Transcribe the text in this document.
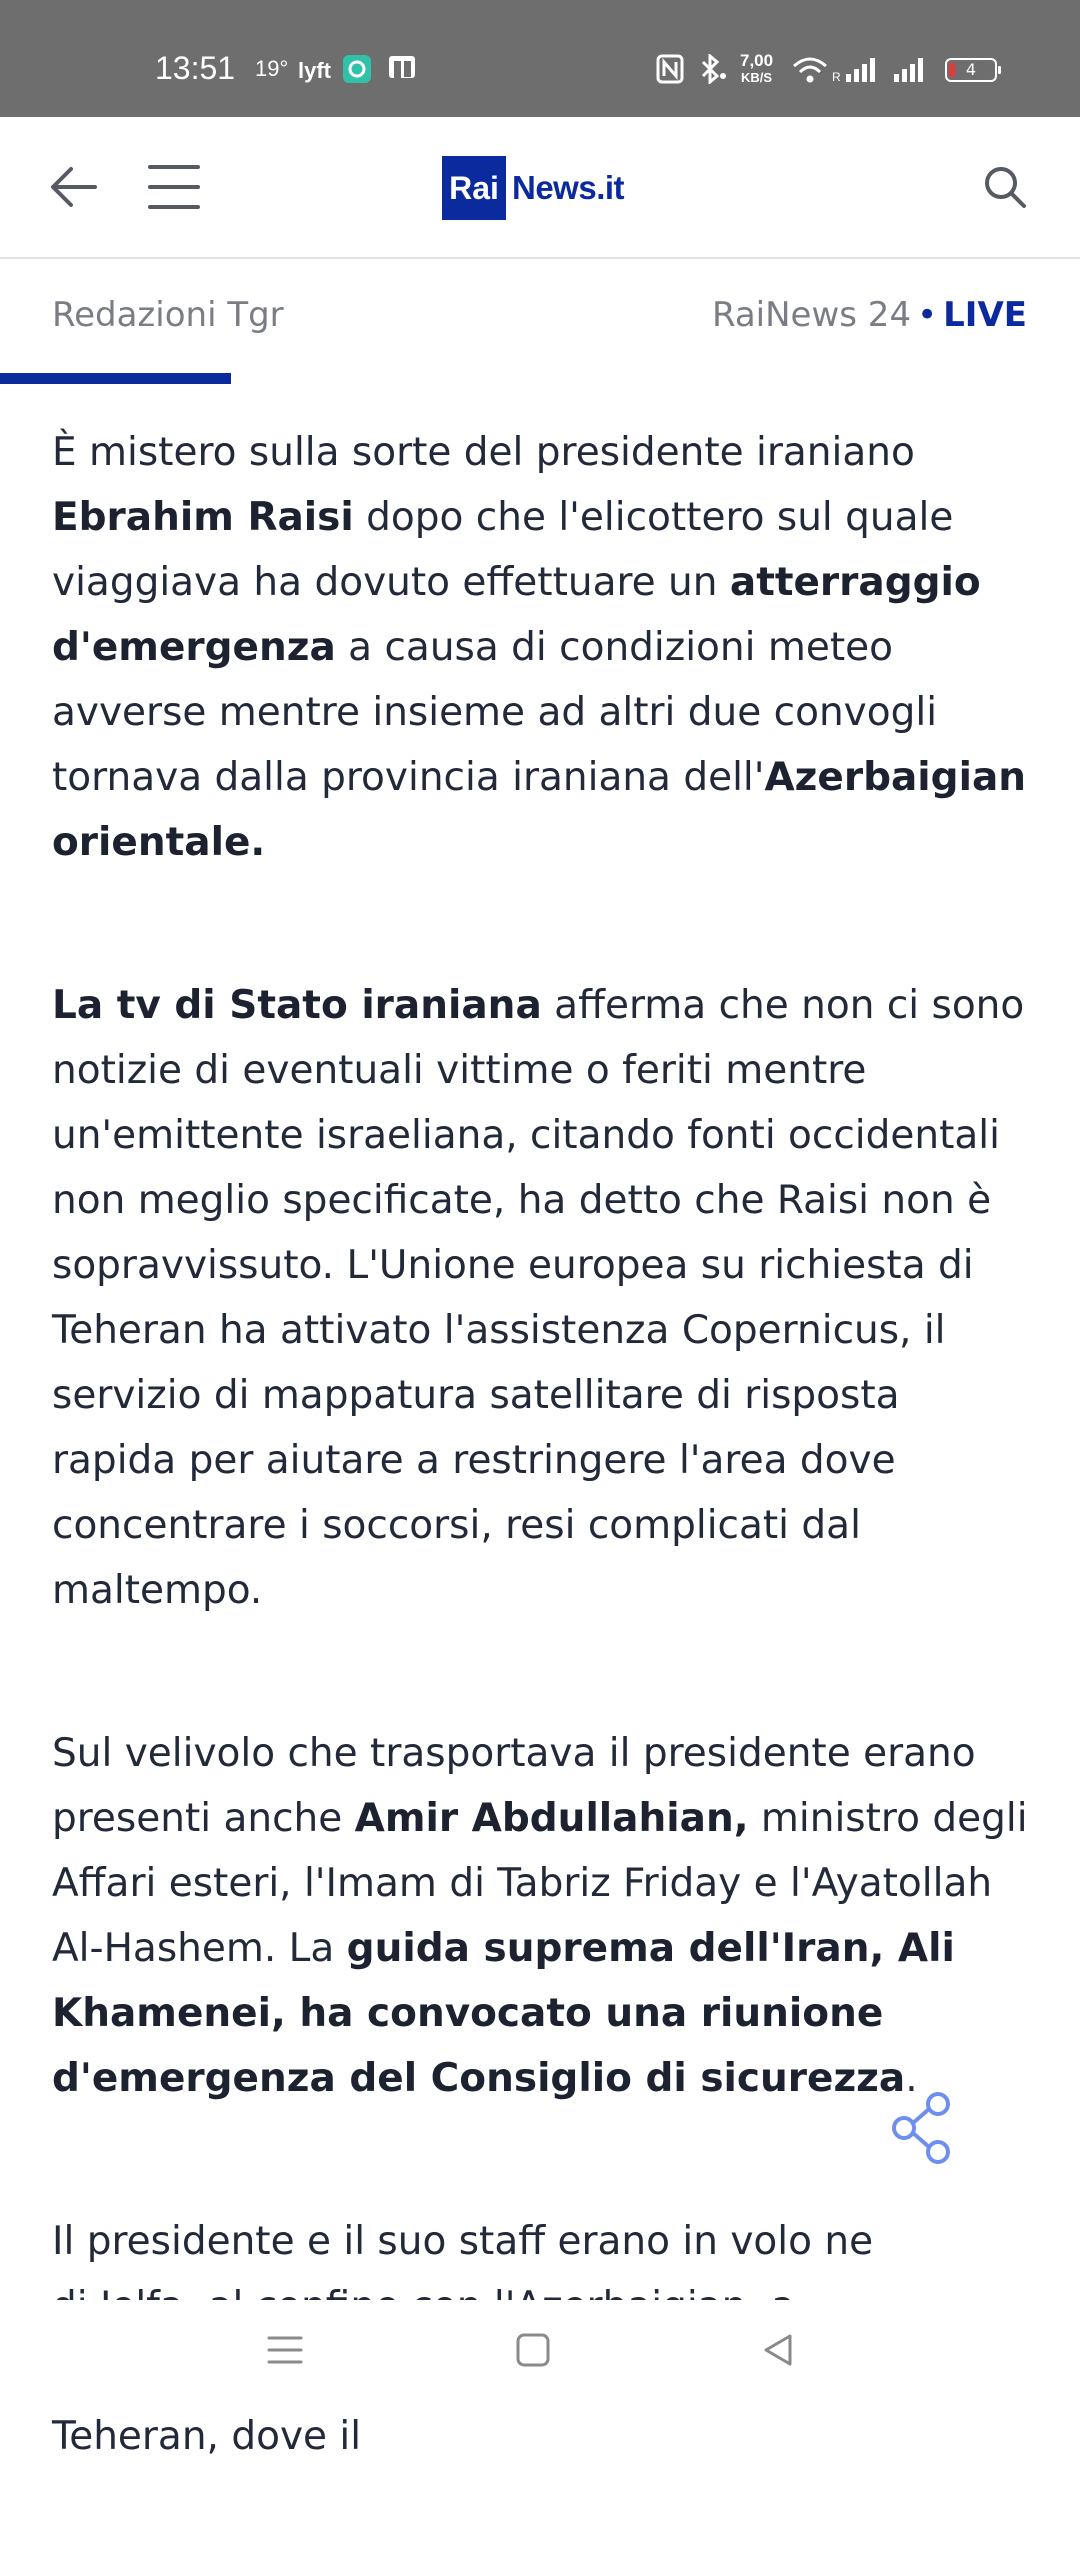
13:51 19° lyft	7,00
KB/S	R	4
Rai News.it
Redazioni Tgr	RaiNews 24 • LIVE

È mistero sulla sorte del presidente iraniano Ebrahim Raisi dopo che l'elicottero sul quale viaggiava ha dovuto effettuare un atterraggio d'emergenza a causa di condizioni meteo avverse mentre insieme ad altri due convogli tornava dalla provincia iraniana dell'Azerbaigian orientale.

La tv di Stato iraniana afferma che non ci sono notizie di eventuali vittime o feriti mentre un'emittente israeliana, citando fonti occidentali non meglio specificate, ha detto che Raisi non è sopravvissuto. L'Unione europea su richiesta di Teheran ha attivato l'assistenza Copernicus, il servizio di mappatura satellitare di risposta rapida per aiutare a restringere l'area dove concentrare i soccorsi, resi complicati dal maltempo.

Sul velivolo che trasportava il presidente erano presenti anche Amir Abdullahian, ministro degli Affari esteri, l'Imam di Tabriz Friday e l'Ayatollah Al-Hashem. La guida suprema dell'Iran, Ali Khamenei, ha convocato una riunione d'emergenza del Consiglio di sicurezza.

Il presidente e il suo staff erano in volo ne Teheran, dove il
